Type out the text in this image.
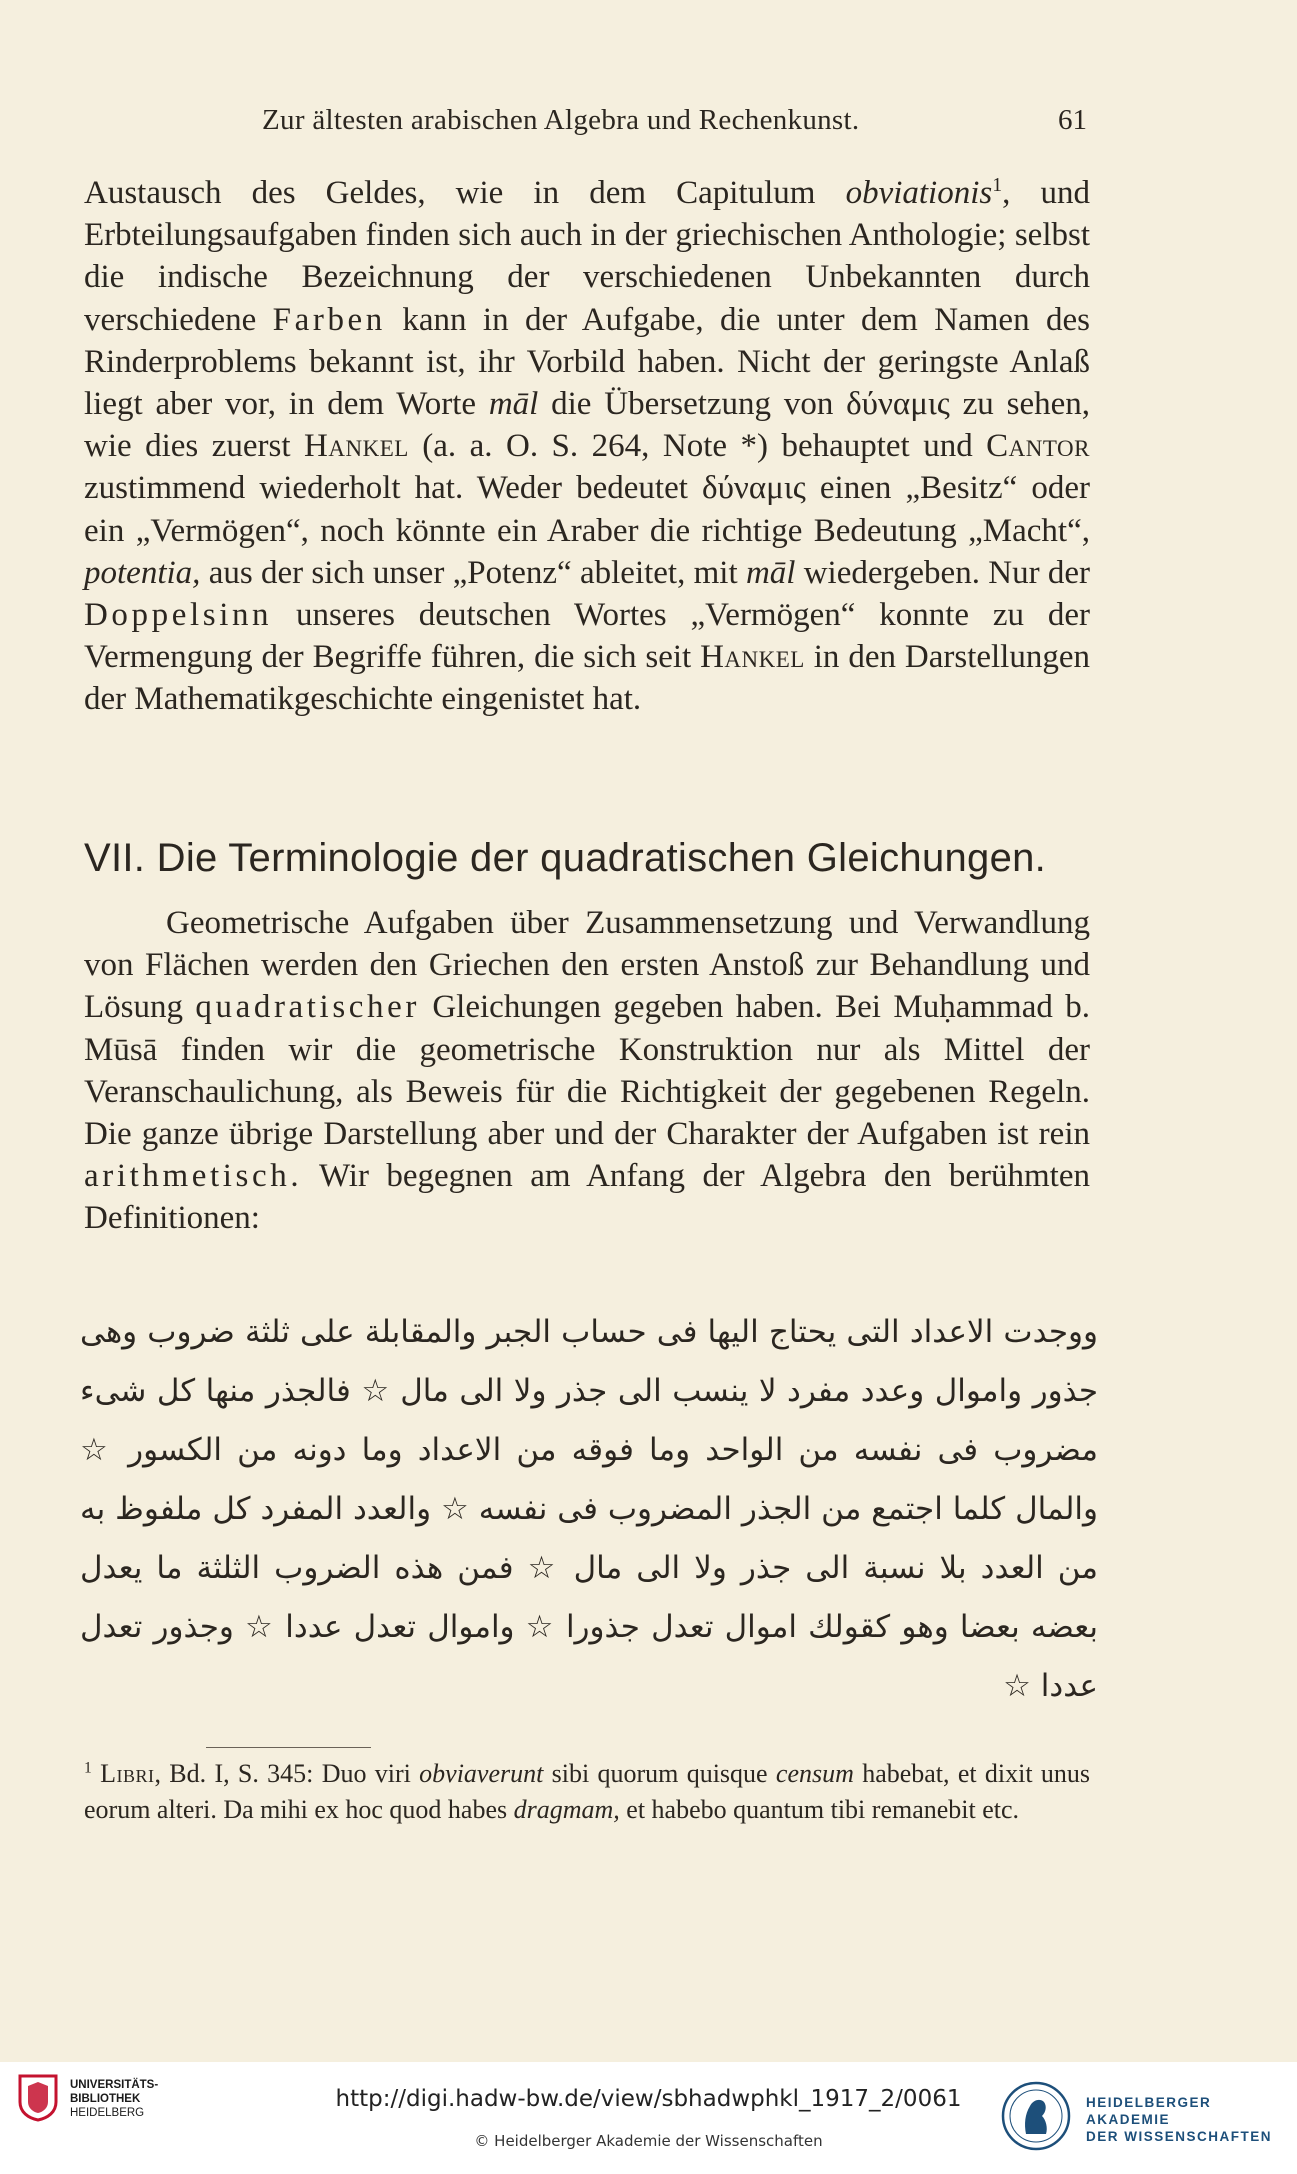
Zur ältesten arabischen Algebra und Rechenkunst.	61

Austausch des Geldes, wie in dem Capitulum obviationis$^1$, und Erbteilungsaufgaben finden sich auch in der griechischen Anthologie; selbst die indische Bezeichnung der verschiedenen Unbekannten durch verschiedene Farben kann in der Aufgabe, die unter dem Namen des Rinderproblems bekannt ist, ihr Vorbild haben. Nicht der geringste Anlaß liegt aber vor, in dem Worte māl die Übersetzung von δύναμις zu sehen, wie dies zuerst Hankel (a. a. O. S. 264, Note *) behauptet und Cantor zustimmend wiederholt hat. Weder bedeutet δύναμις einen „Besitz“ oder ein „Vermögen“, noch könnte ein Araber die richtige Bedeutung „Macht“, potentia, aus der sich unser „Potenz“ ableitet, mit māl wiedergeben. Nur der Doppelsinn unseres deutschen Wortes „Vermögen“ konnte zu der Vermengung der Begriffe führen, die sich seit Hankel in den Darstellungen der Mathematikgeschichte eingenistet hat.

VII. Die Terminologie der quadratischen Gleichungen.

Geometrische Aufgaben über Zusammensetzung und Verwandlung von Flächen werden den Griechen den ersten Anstoß zur Behandlung und Lösung quadratischer Gleichungen gegeben haben. Bei Muḥammad b. Mūsā finden wir die geometrische Konstruktion nur als Mittel der Veranschaulichung, als Beweis für die Richtigkeit der gegebenen Regeln. Die ganze übrige Darstellung aber und der Charakter der Aufgaben ist rein arithmetisch. Wir begegnen am Anfang der Algebra den berühmten Definitionen:

ووجدت الاعداد التى يحتاج اليها فى حساب الجبر والمقابلة على ثلثة ضروب وهى جذور واموال وعدد مفرد لا ينسب الى جذر ولا الى مال ☆ فالجذر منها كل شىء مضروب فى نفسه من الواحد وما فوقه من الاعداد وما دونه من الكسور ☆ والمال كلما اجتمع من الجذر المضروب فى نفسه ☆ والعدد المفرد كل ملفوظ به من العدد بلا نسبة الى جذر ولا الى مال ☆ فمن هذه الضروب الثلثة ما يعدل بعضه بعضا وهو كقولك اموال تعدل جذورا ☆ واموال تعدل عددا ☆ وجذور تعدل عددا ☆

$^1$ Libri, Bd. I, S. 345: Duo viri obviaverunt sibi quorum quisque censum habebat, et dixit unus eorum alteri. Da mihi ex hoc quod habes dragmam, et habebo quantum tibi remanebit etc.

UNIVERSITÄTS-
BIBLIOTHEK
HEIDELBERG
http://digi.hadw-bw.de/view/sbhadwphkl_1917_2/0061
© Heidelberger Akademie der Wissenschaften
HEIDELBERGER AKADEMIE
DER WISSENSCHAFTEN
